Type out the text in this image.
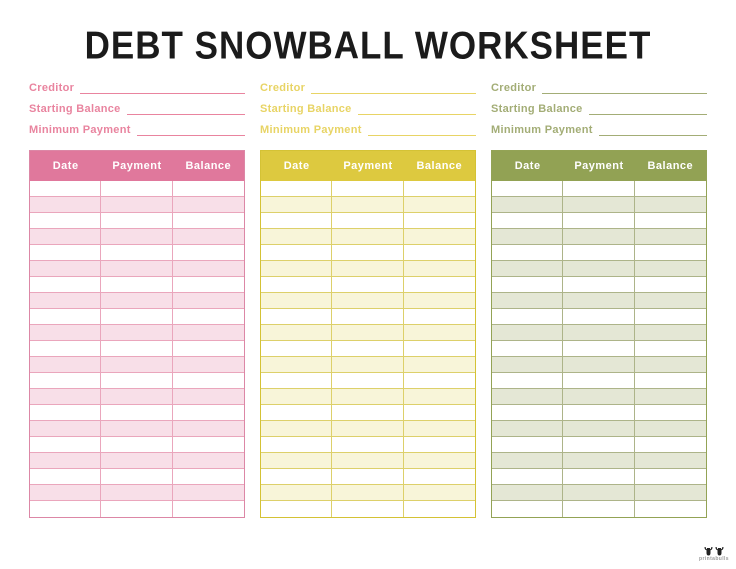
DEBT SNOWBALL WORKSHEET
Creditor
Starting Balance
Minimum Payment
Date	Payment	Balance
Creditor
Starting Balance
Minimum Payment
Date	Payment	Balance
Creditor
Starting Balance
Minimum Payment
Date	Payment	Balance
printabulls
